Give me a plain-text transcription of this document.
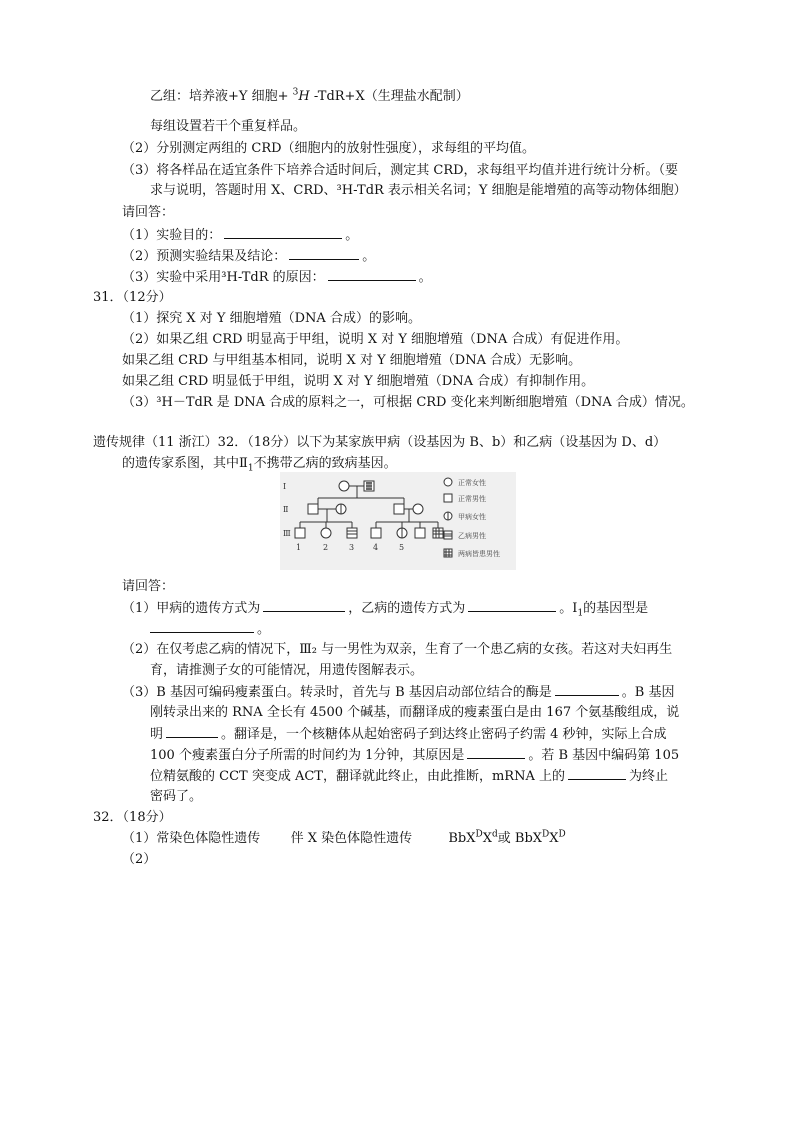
乙组：培养液+Y 细胞+ $^3$H -TdR+X（生理盐水配制）
每组设置若干个重复样品。
（2）分别测定两组的 CRD（细胞内的放射性强度），求每组的平均值。
（3）将各样品在适宜条件下培养合适时间后，测定其 CRD，求每组平均值并进行统计分析。（要
求与说明，答题时用 X、CRD、³H-TdR 表示相关名词；Y 细胞是能增殖的高等动物体细胞）
请回答：
（1）实验目的：	。
（2）预测实验结果及结论：	。
（3）实验中采用³H-TdR 的原因：	。
31．（12分）
（1）探究 X 对 Y 细胞增殖（DNA 合成）的影响。
（2）如果乙组 CRD 明显高于甲组，说明 X 对 Y 细胞增殖（DNA 合成）有促进作用。
如果乙组 CRD 与甲组基本相同，说明 X 对 Y 细胞增殖（DNA 合成）无影响。
如果乙组 CRD 明显低于甲组，说明 X 对 Y 细胞增殖（DNA 合成）有抑制作用。
（3）³H－TdR 是 DNA 合成的原料之一，可根据 CRD 变化来判断细胞增殖（DNA 合成）情况。
遗传规律（11 浙江）32．（18分）以下为某家族甲病（设基因为 B、b）和乙病（设基因为 D、d）
的遗传家系图，其中$Ⅱ_1$不携带乙病的致病基因。
Ⅰ
Ⅱ
Ⅲ
1	2	3 4	5
正常女性
正常男性
甲病女性
乙病男性
两病皆患男性
请回答：
（1）甲病的遗传方式为	，乙病的遗传方式为	。$Ⅰ_1$的基因型是
。
（2）在仅考虑乙病的情况下，Ⅲ₂ 与一男性为双亲，生育了一个患乙病的女孩。若这对夫妇再生
育，请推测子女的可能情况，用遗传图解表示。
（3）B 基因可编码瘦素蛋白。转录时，首先与 B 基因启动部位结合的酶是	。B 基因
刚转录出来的 RNA 全长有 4500 个碱基，而翻译成的瘦素蛋白是由 167 个氨基酸组成，说
明	。翻译是，一个核糖体从起始密码子到达终止密码子约需 4 秒钟，实际上合成
100 个瘦素蛋白分子所需的时间约为 1分钟，其原因是	。若 B 基因中编码第 105
位精氨酸的 CCT 突变成 ACT，翻译就此终止，由此推断，mRNA 上的	为终止
密码了。
32．（18分）
（1）常染色体隐性遗传 伴 X 染色体隐性遗传	$BbX^DX^d$或 $BbX^DX^D$
（2）
